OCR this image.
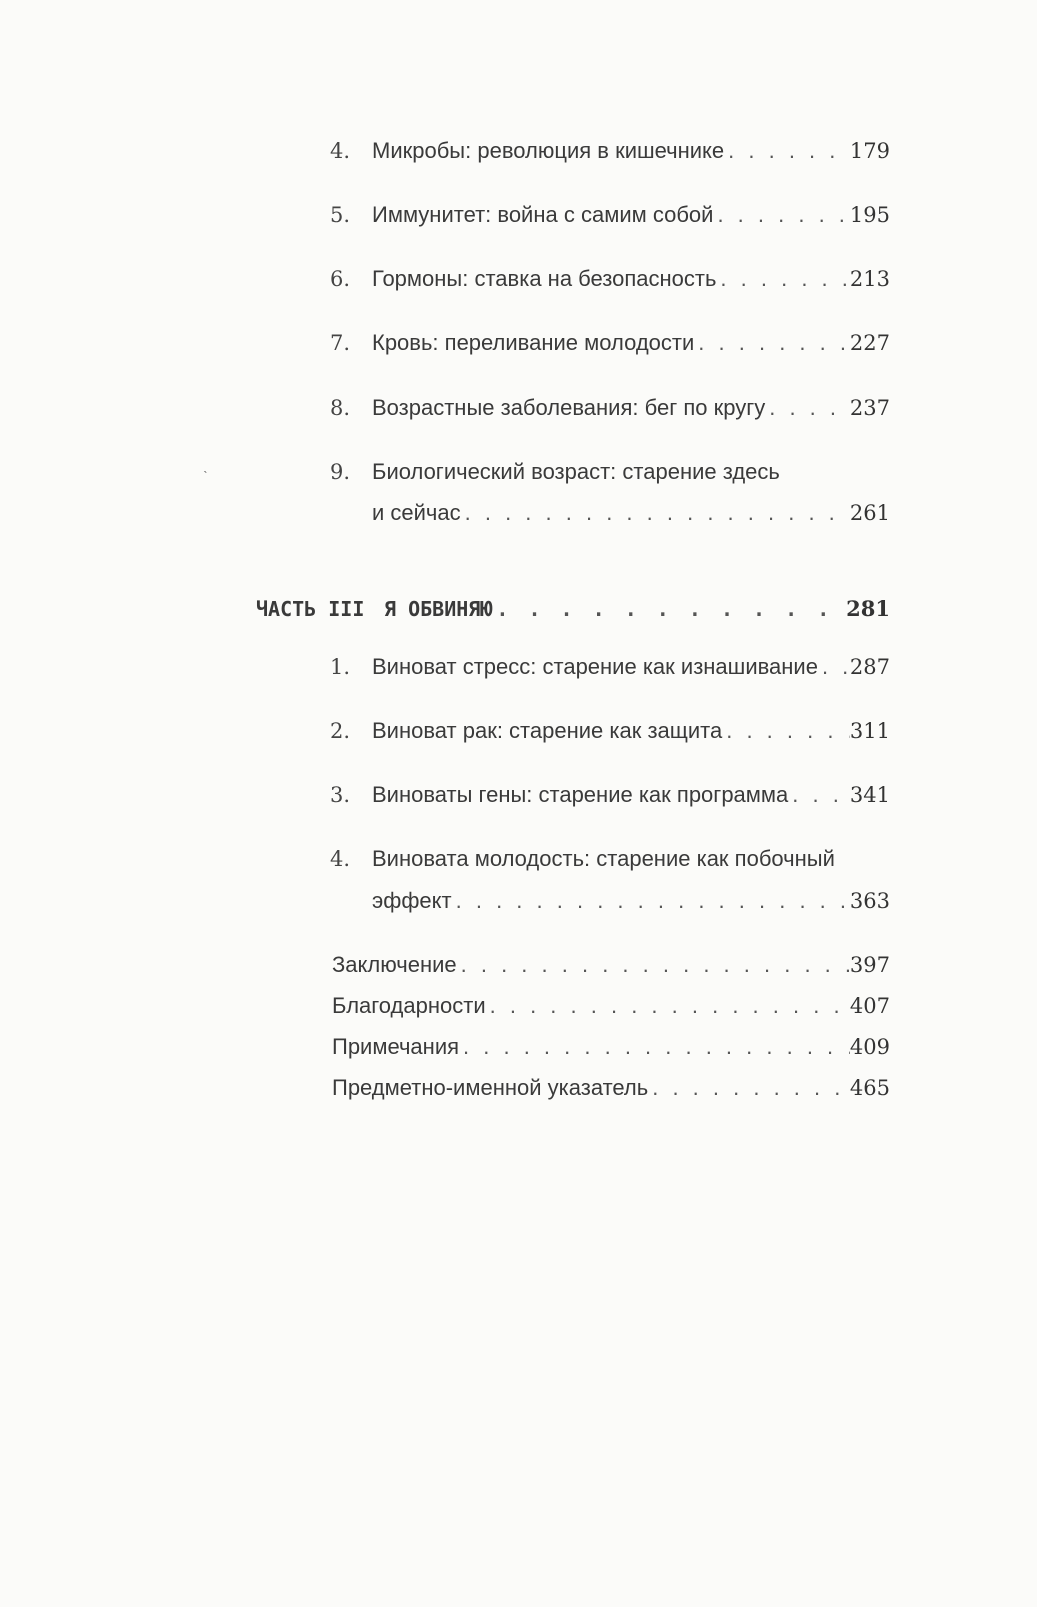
˴
4. Микробы: революция в кишечнике . . .	179
5. Иммунитет: война с самим собой . . .	195
6. Гормоны: ставка на безопасность . . .	213
7. Кровь: переливание молодости . . .	227
8. Возрастные заболевания: бег по кругу . . .	237
9. Биологический возраст: старение здесь
и сейчас . . .	261
ЧАСТЬ III Я ОБВИНЯЮ . . .	281
1. Виноват стресс: старение как изнашивание . . . 287
2. Виноват рак: старение как защита . . .	311
3. Виноваты гены: старение как программа . . .	341
4. Виновата молодость: старение как побочный
эффект . . .	363
Заключение . . .	397
Благодарности . . .	407
Примечания . . .	409
Предметно-именной указатель . . .	465
